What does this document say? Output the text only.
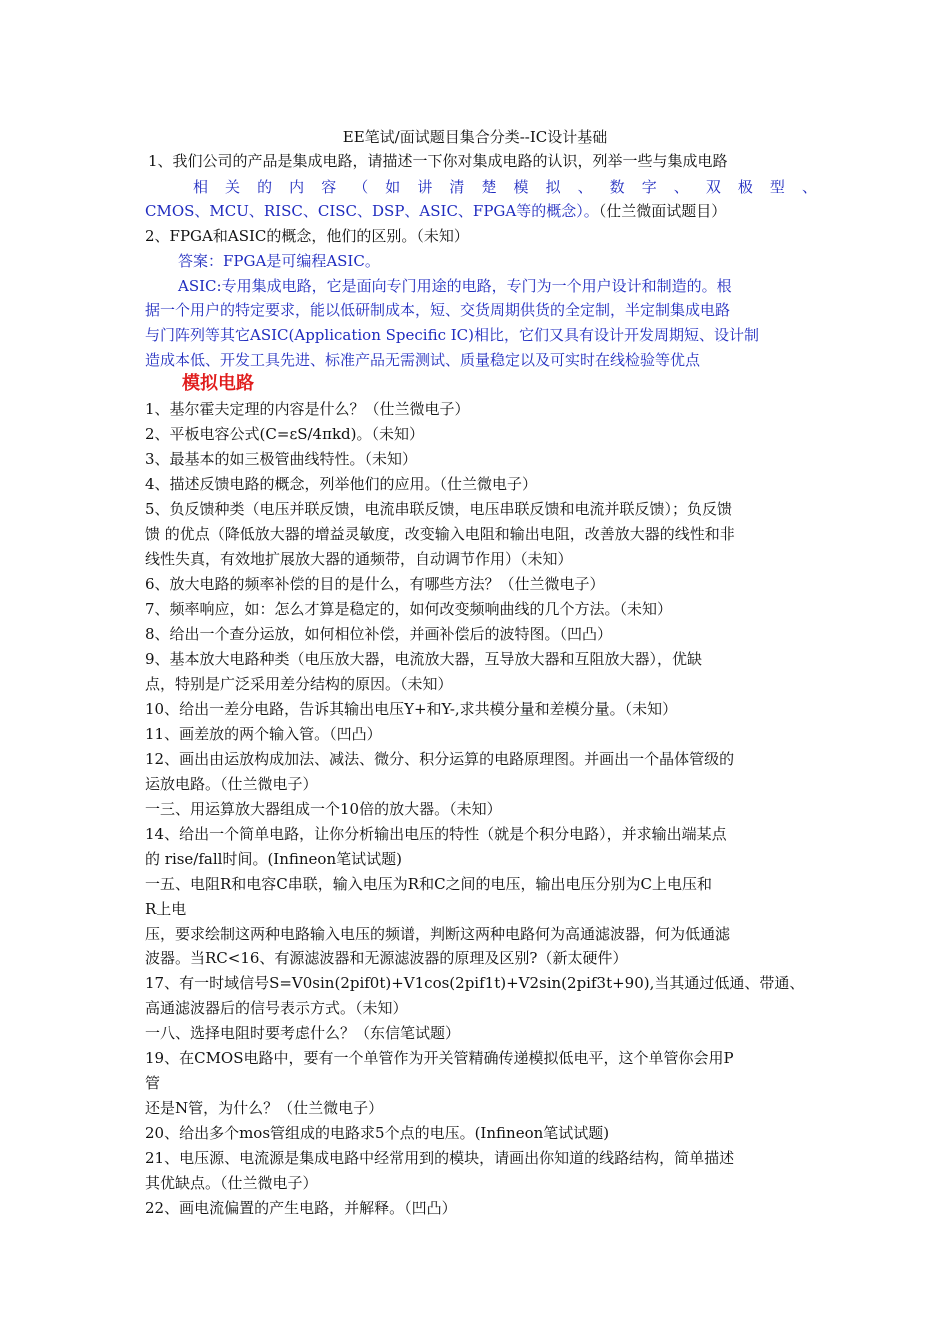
EE笔试/面试题目集合分类--IC设计基础
1、我们公司的产品是集成电路，请描述一下你对集成电路的认识，列举一些与集成电路
相 关 的 内 容 （ 如 讲 清 楚 模 拟 、 数 字 、 双 极 型 、
CMOS、MCU、RISC、CISC、DSP、ASIC、FPGA等的概念）。（仕兰微面试题目）
2、FPGA和ASIC的概念，他们的区别。（未知）
答案：FPGA是可编程ASIC。
ASIC:专用集成电路，它是面向专门用途的电路，专门为一个用户设计和制造的。根
据一个用户的特定要求，能以低研制成本，短、交货周期供货的全定制，半定制集成电路
与门阵列等其它ASIC(Application Specific IC)相比，它们又具有设计开发周期短、设计制
造成本低、开发工具先进、标准产品无需测试、质量稳定以及可实时在线检验等优点
模拟电路
1、基尔霍夫定理的内容是什么？（仕兰微电子）
2、平板电容公式(C=εS/4πkd)。（未知）
3、最基本的如三极管曲线特性。（未知）
4、描述反馈电路的概念，列举他们的应用。（仕兰微电子）
5、负反馈种类（电压并联反馈，电流串联反馈，电压串联反馈和电流并联反馈）；负反馈
馈 的优点（降低放大器的增益灵敏度，改变输入电阻和输出电阻，改善放大器的线性和非
线性失真，有效地扩展放大器的通频带，自动调节作用）（未知）
6、放大电路的频率补偿的目的是什么，有哪些方法？（仕兰微电子）
7、频率响应，如：怎么才算是稳定的，如何改变频响曲线的几个方法。（未知）
8、给出一个查分运放，如何相位补偿，并画补偿后的波特图。（凹凸）
9、基本放大电路种类（电压放大器，电流放大器，互导放大器和互阻放大器），优缺
点，特别是广泛采用差分结构的原因。（未知）
10、给出一差分电路，告诉其输出电压Y+和Y-,求共模分量和差模分量。（未知）
11、画差放的两个输入管。（凹凸）
12、画出由运放构成加法、减法、微分、积分运算的电路原理图。并画出一个晶体管级的
运放电路。（仕兰微电子）
一三、用运算放大器组成一个10倍的放大器。（未知）
14、给出一个简单电路，让你分析输出电压的特性（就是个积分电路），并求输出端某点
的 rise/fall时间。(Infineon笔试试题)
一五、电阻R和电容C串联，输入电压为R和C之间的电压，输出电压分别为C上电压和
R上电
压，要求绘制这两种电路输入电压的频谱，判断这两种电路何为高通滤波器，何为低通滤
波器。当RC<16、有源滤波器和无源滤波器的原理及区别?（新太硬件）
17、有一时域信号S=V0sin(2pif0t)+V1cos(2pif1t)+V2sin(2pif3t+90),当其通过低通、带通、
高通滤波器后的信号表示方式。（未知）
一八、选择电阻时要考虑什么？（东信笔试题）
19、在CMOS电路中，要有一个单管作为开关管精确传递模拟低电平，这个单管你会用P
管
还是N管，为什么？（仕兰微电子）
20、给出多个mos管组成的电路求5个点的电压。(Infineon笔试试题)
21、电压源、电流源是集成电路中经常用到的模块，请画出你知道的线路结构，简单描述
其优缺点。（仕兰微电子）
22、画电流偏置的产生电路，并解释。（凹凸）
